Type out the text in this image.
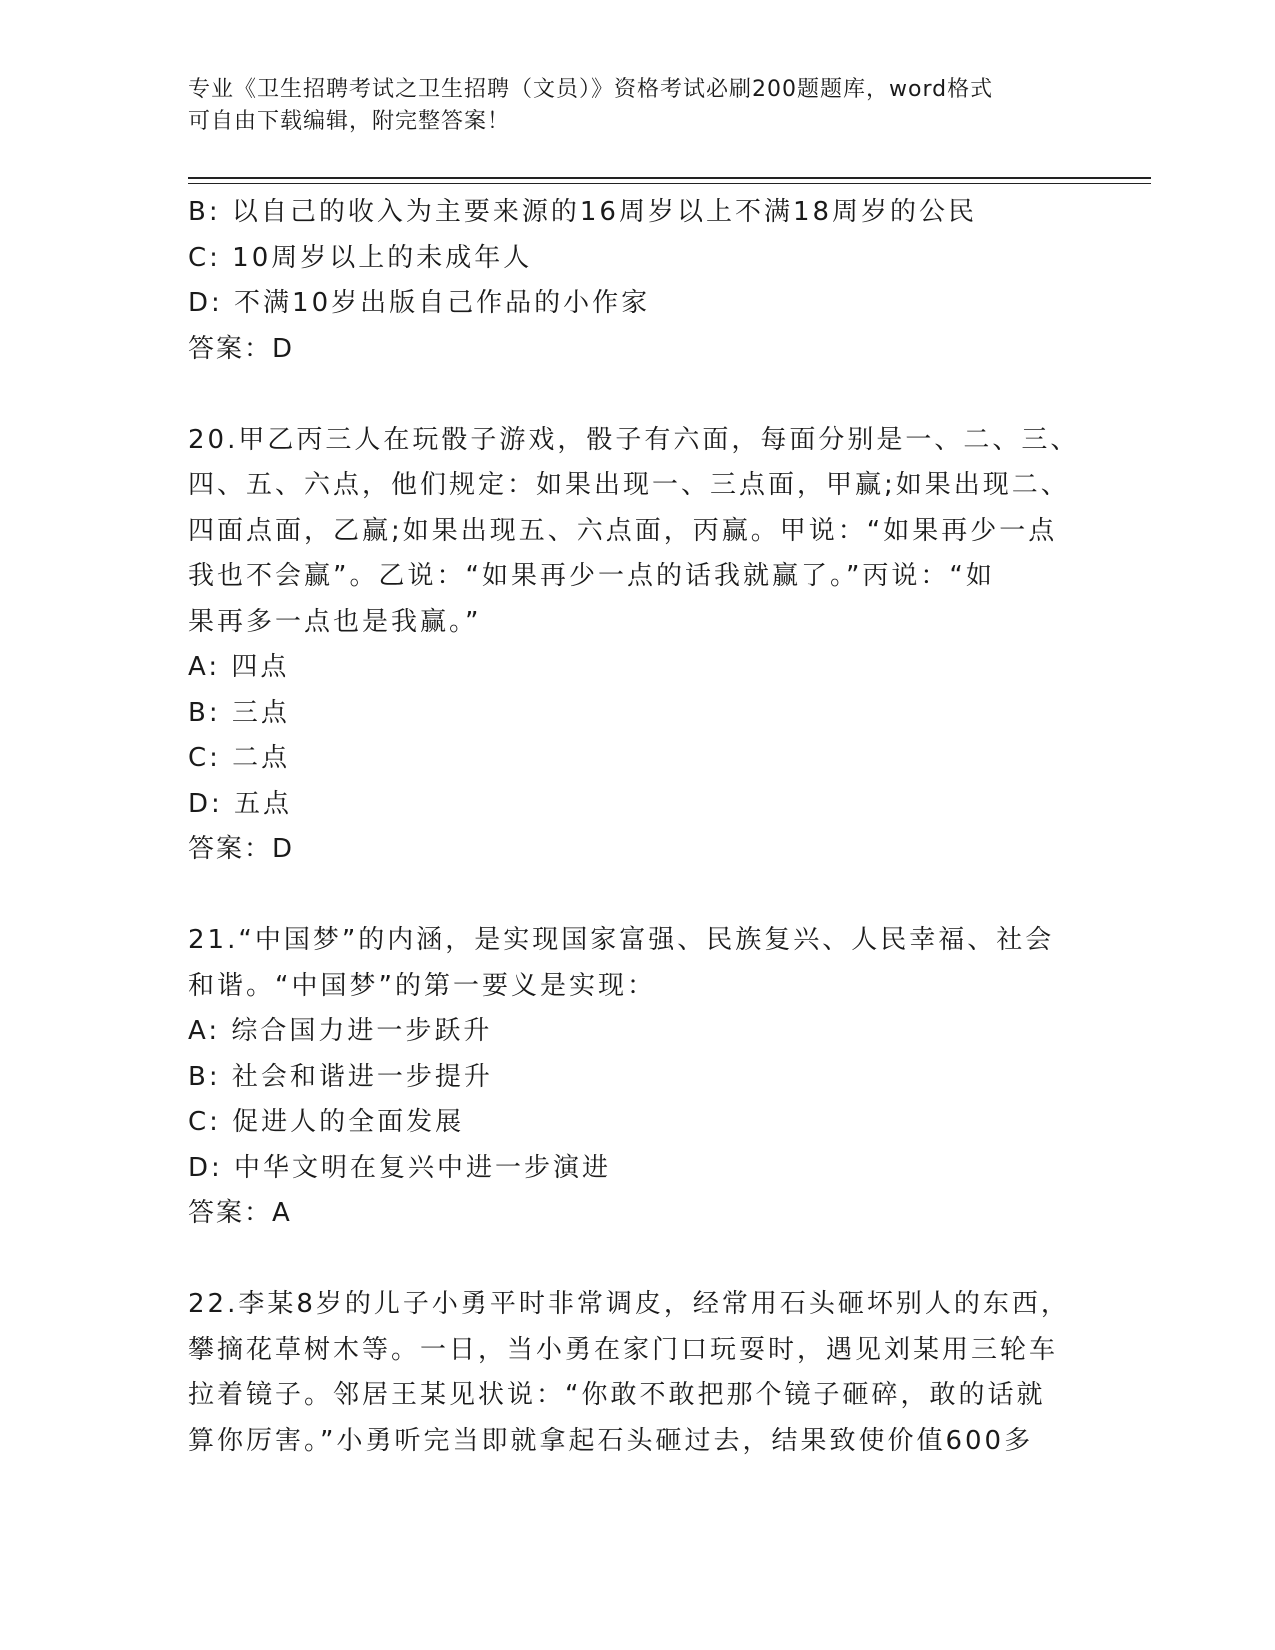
专业《卫生招聘考试之卫生招聘（文员）》资格考试必刷200题题库，word格式
可自由下载编辑，附完整答案！
B: 以自己的收入为主要来源的16周岁以上不满18周岁的公民
C: 10周岁以上的未成年人
D: 不满10岁出版自己作品的小作家
答案：D
20.甲乙丙三人在玩骰子游戏，骰子有六面，每面分别是一、二、三、
四、五、六点，他们规定：如果出现一、三点面，甲赢;如果出现二、
四面点面，乙赢;如果出现五、六点面，丙赢。甲说：“如果再少一点
我也不会赢”。乙说：“如果再少一点的话我就赢了。”丙说：“如
果再多一点也是我赢。”
A: 四点
B: 三点
C: 二点
D: 五点
答案：D
21.“中国梦”的内涵，是实现国家富强、民族复兴、人民幸福、社会
和谐。“中国梦”的第一要义是实现：
A: 综合国力进一步跃升
B: 社会和谐进一步提升
C: 促进人的全面发展
D: 中华文明在复兴中进一步演进
答案：A
22.李某8岁的儿子小勇平时非常调皮，经常用石头砸坏别人的东西，
攀摘花草树木等。一日，当小勇在家门口玩耍时，遇见刘某用三轮车
拉着镜子。邻居王某见状说：“你敢不敢把那个镜子砸碎，敢的话就
算你厉害。”小勇听完当即就拿起石头砸过去，结果致使价值600多
